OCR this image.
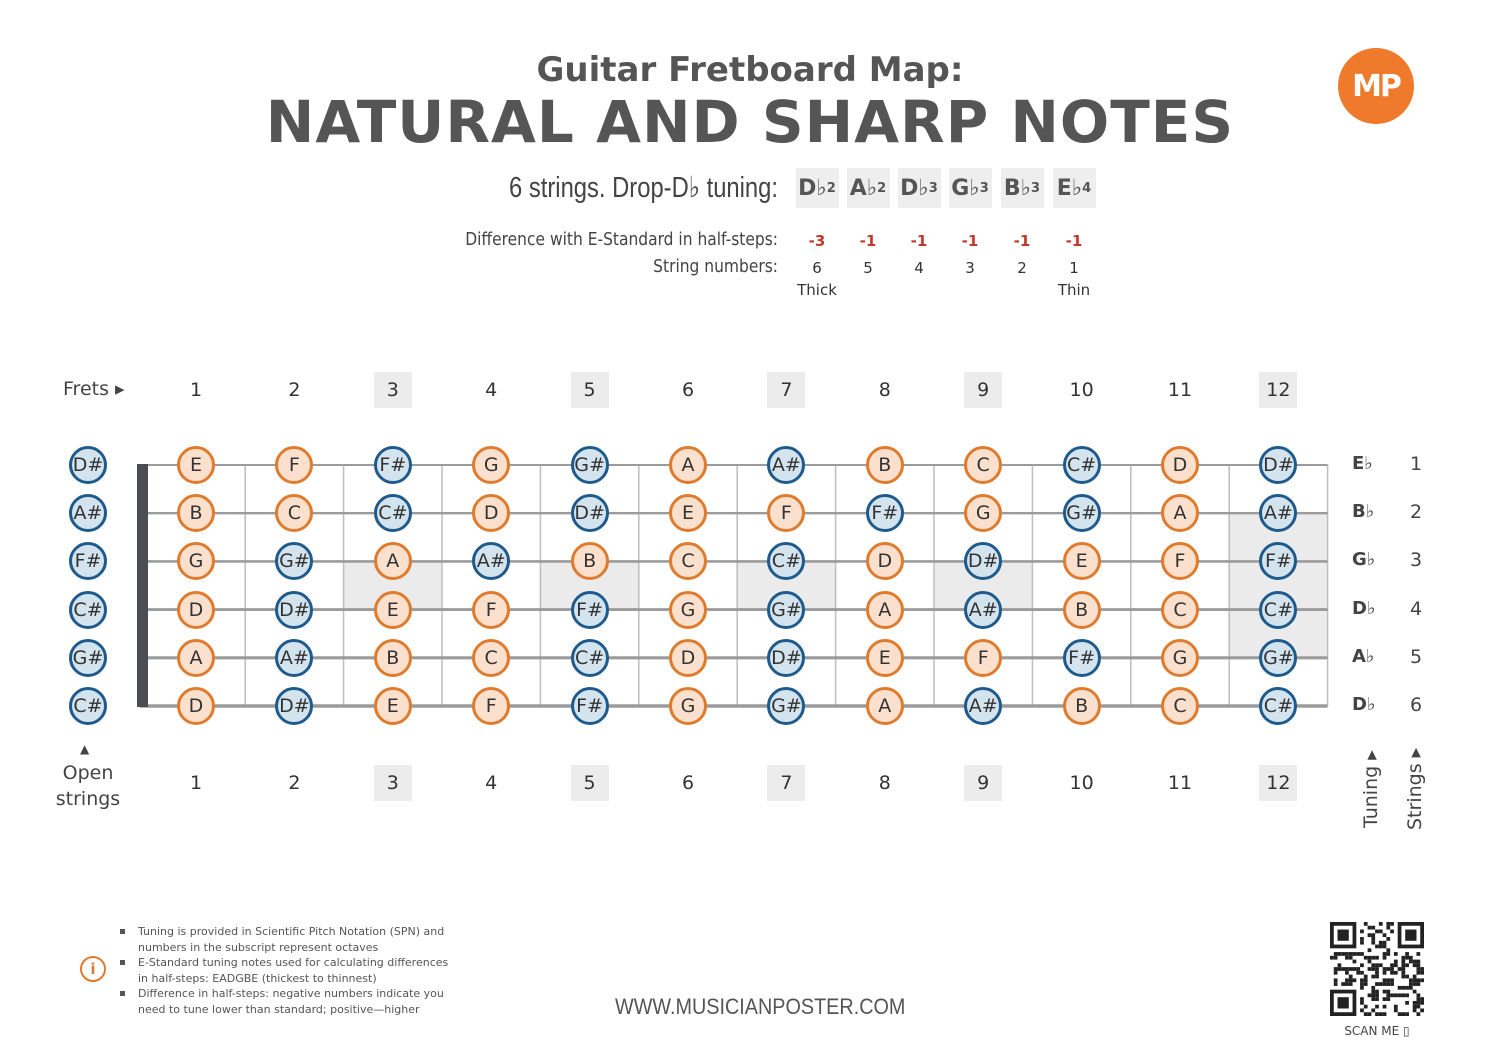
Guitar Fretboard Map:
NATURAL AND SHARP NOTES
MP
6 strings. Drop-D♭ tuning: D♭ 2 A♭ 2 D♭ 3 G♭ 3 B♭ 3 E♭ 4
Difference with E-Standard in half-steps:
String numbers:
-3	-1	-1	-1	-1	-1
6	5	4	3	2	1
Thick	Thin
Frets ▸	1	2	3	4	5	6	7	8	9	10	11	12
1	2	3	4	5	6	7	8	9	10	11	12
D#	E	F	F#	G	G#	A	A#	B	C	C#	D	D#
A#	B	C	C#	D	D#	E	F	F#	G	G#	A	A#
F#	G	G#	A	A#	B	C	C#	D	D#	E	F	F#
C#	D	D#	E	F	F#	G	G#	A	A#	B	C	C#
G#	A	A#	B	C	C#	D	D#	E	F	F#	G	G#
C#	D	D#	E	F	F#	G	G#	A	A#	B	C	C#
E♭	1
B♭	2
G♭	3
D♭	4
A♭	5
D♭	6
▲
Open
strings	Tuning ▸ Strings ▸
i
Tuning is provided in Scientific Pitch Notation (SPN) and numbers in the subscript represent octaves
E-Standard tuning notes used for calculating differences in half-steps: EADGBE (thickest to thinnest)
Difference in half-steps: negative numbers indicate you need to tune lower than standard; positive—higher	WWW.MUSICIANPOSTER.COM
SCAN ME ▯
